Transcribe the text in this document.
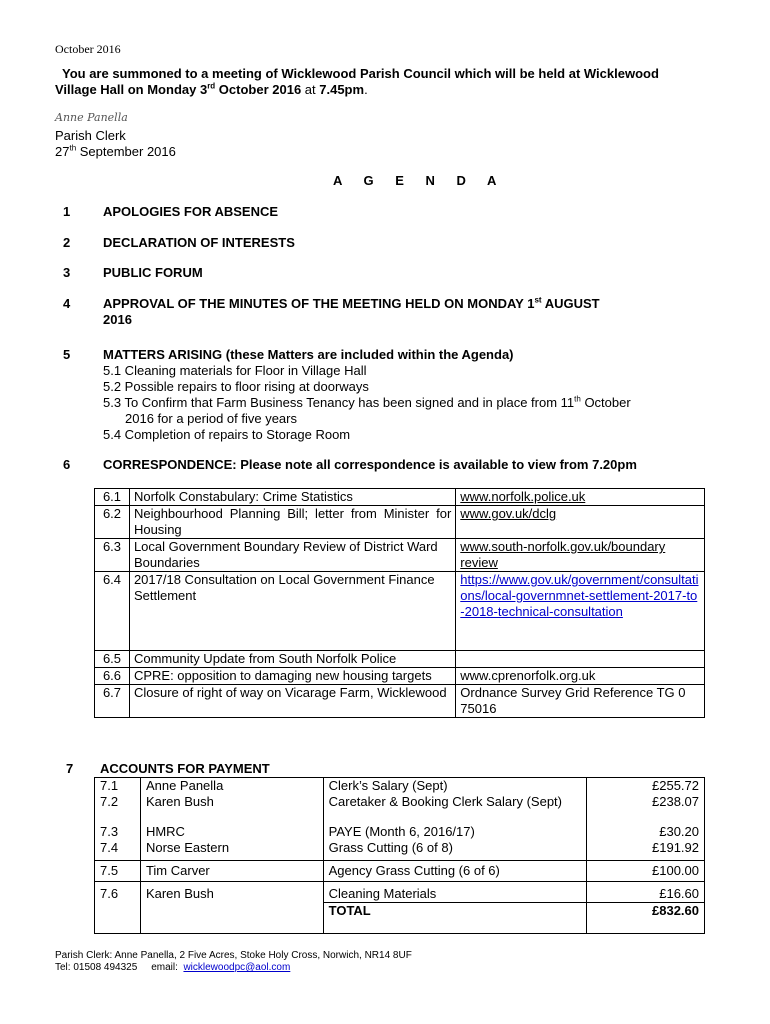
October 2016
You are summoned to a meeting of Wicklewood Parish Council which will be held at Wicklewood
Village Hall on Monday 3rd October 2016 at 7.45pm.
Anne Panella
Parish Clerk
27th September 2016
A G E N D A
1	APOLOGIES FOR ABSENCE
2	DECLARATION OF INTERESTS
3	PUBLIC FORUM
4	APPROVAL OF THE MINUTES OF THE MEETING HELD ON MONDAY 1st AUGUST
2016
5	MATTERS ARISING (these Matters are included within the Agenda)
5.1 Cleaning materials for Floor in Village Hall
5.2 Possible repairs to floor rising at doorways
5.3 To Confirm that Farm Business Tenancy has been signed and in place from 11th October
2016 for a period of five years
5.4 Completion of repairs to Storage Room
6	CORRESPONDENCE: Please note all correspondence is available to view from 7.20pm
6.1	Norfolk Constabulary: Crime Statistics	www.norfolk.police.uk
6.2	Neighbourhood Planning Bill; letter from Minister for Housing	www.gov.uk/dclg
6.3	Local Government Boundary Review of District Ward Boundaries	www.south-norfolk.gov.uk/boundary review
6.4	2017/18 Consultation on Local Government Finance Settlement	https://www.gov.uk/government/consultations/local-governmnet-settlement-2017-to-2018-technical-consultation
6.5	Community Update from South Norfolk Police	
6.6	CPRE: opposition to damaging new housing targets	www.cprenorfolk.org.uk
6.7	Closure of right of way on Vicarage Farm, Wicklewood	Ordnance Survey Grid Reference TG 0 75016
7 ACCOUNTS FOR PAYMENT
7.1	Anne Panella	Clerk’s Salary (Sept)	£255.72
7.2	Karen Bush	Caretaker & Booking Clerk Salary (Sept)	£238.07
7.3	HMRC	PAYE (Month 6, 2016/17)	£30.20
7.4	Norse Eastern	Grass Cutting (6 of 8)	£191.92
7.5	Tim Carver	Agency Grass Cutting (6 of 6)	£100.00
7.6	Karen Bush	Cleaning Materials	£16.60
		TOTAL	£832.60
Parish Clerk: Anne Panella, 2 Five Acres, Stoke Holy Cross, Norwich, NR14 8UF
Tel: 01508 494325 email: wicklewoodpc@aol.com
